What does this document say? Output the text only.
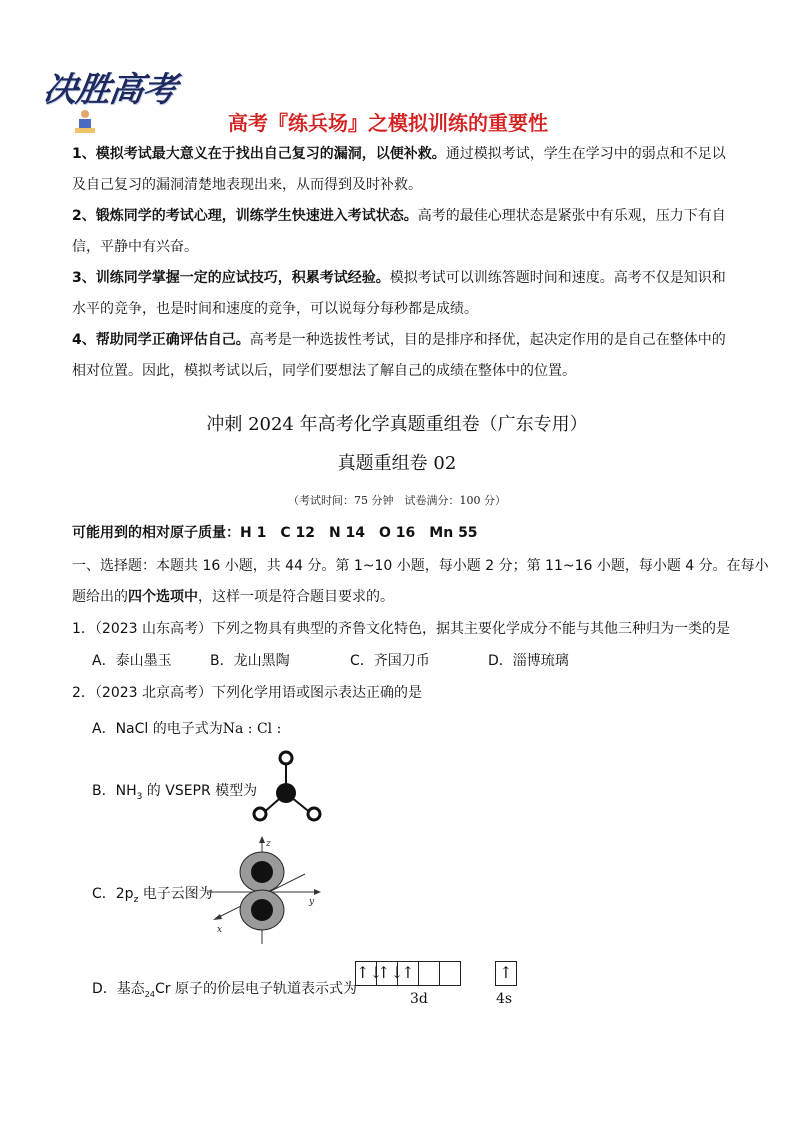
决胜高考
高考『练兵场』之模拟训练的重要性
1、模拟考试最大意义在于找出自己复习的漏洞，以便补救。通过模拟考试，学生在学习中的弱点和不足以及自己复习的漏洞清楚地表现出来，从而得到及时补救。
2、锻炼同学的考试心理，训练学生快速进入考试状态。高考的最佳心理状态是紧张中有乐观，压力下有自信，平静中有兴奋。
3、训练同学掌握一定的应试技巧，积累考试经验。模拟考试可以训练答题时间和速度。高考不仅是知识和水平的竞争，也是时间和速度的竞争，可以说每分每秒都是成绩。
4、帮助同学正确评估自己。高考是一种选拔性考试，目的是排序和择优，起决定作用的是自己在整体中的相对位置。因此，模拟考试以后，同学们要想法了解自己的成绩在整体中的位置。
冲刺 2024 年高考化学真题重组卷（广东专用）
真题重组卷 02
（考试时间：75 分钟　试卷满分：100 分）
可能用到的相对原子质量：H 1　C 12　N 14　O 16　Mn 55
一、选择题：本题共 16 小题，共 44 分。第 1~10 小题，每小题 2 分；第 11~16 小题，每小题 4 分。在每小
题给出的四个选项中，这样一项是符合题目要求的。
1．（2023 山东高考）下列之物具有典型的齐鲁文化特色，据其主要化学成分不能与其他三种归为一类的是
A．泰山墨玉	B．龙山黑陶	C．齐国刀币	D．淄博琉璃
2．（2023 北京高考）下列化学用语或图示表达正确的是
A．NaCl 的电子式为Na : Cl :
B．$NH_3$ 的 VSEPR 模型为
C．$2p_z$ 电子云图为
z
y
x
D．基态$_{24}$Cr 原子的价层电子轨道表示式为
↑↓↑↓↑	↑
3d	4s
